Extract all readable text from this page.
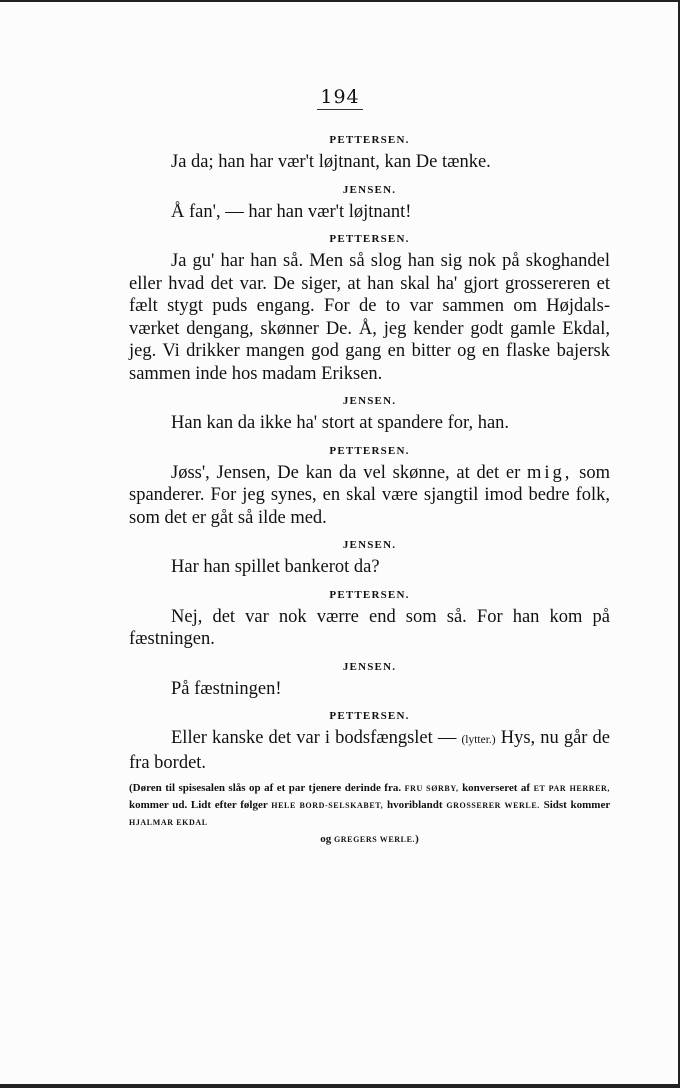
194
PETTERSEN.

Ja da; han har vær't løjtnant, kan De tænke.

JENSEN.

Å fan', — har han vær't løjtnant!

PETTERSEN.

Ja gu' har han så. Men så slog han sig nok på skoghandel eller hvad det var. De siger, at han skal ha' gjort grossereren et fælt stygt puds engang. For de to var sammen om Højdals-værket dengang, skønner De. Å, jeg kender godt gamle Ekdal, jeg. Vi drikker mangen god gang en bitter og en flaske bajersk sammen inde hos madam Eriksen.

JENSEN.

Han kan da ikke ha' stort at spandere for, han.

PETTERSEN.

Jøss', Jensen, De kan da vel skønne, at det er mig, som spanderer. For jeg synes, en skal være sjangtil imod bedre folk, som det er gåt så ilde med.

JENSEN.

Har han spillet bankerot da?

PETTERSEN.

Nej, det var nok værre end som så. For han kom på fæstningen.

JENSEN.

På fæstningen!

PETTERSEN.

Eller kanske det var i bodsfængslet — (lytter.) Hys, nu går de fra bordet.

(Døren til spisesalen slås op af et par tjenere derinde fra. FRU SØRBY, konverseret af ET PAR HERRER, kommer ud. Lidt efter følger HELE BORD-SELSKABET, hvoriblandt GROSSERER WERLE. Sidst kommer HJALMAR EKDAL
og GREGERS WERLE.)
